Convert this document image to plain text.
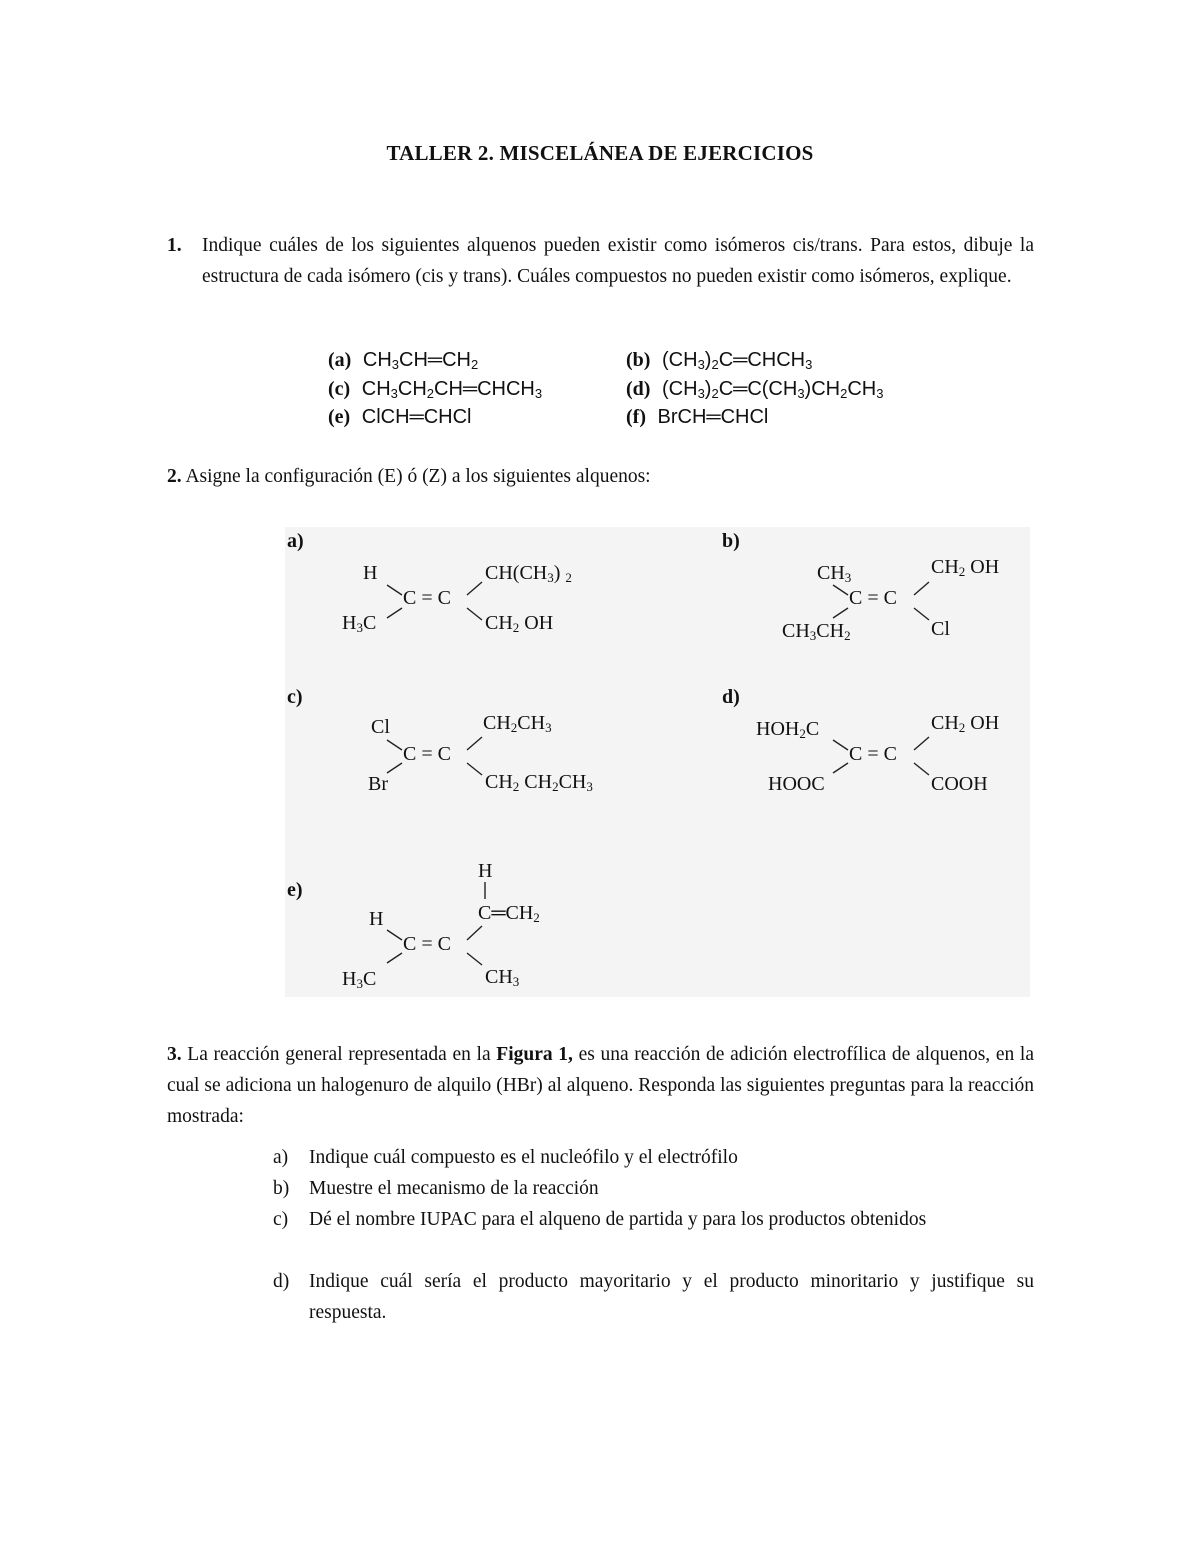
TALLER 2. MISCELÁNEA DE EJERCICIOS
1. Indique cuáles de los siguientes alquenos pueden existir como isómeros cis/trans. Para estos, dibuje la estructura de cada isómero (cis y trans). Cuáles compuestos no pueden existir como isómeros, explique.
(a) $CH_3CH═CH_2$	(b) $(CH_3)_2C═CHCH_3$
(c) $CH_3CH_2CH═CHCH_3$	(d) $(CH_3)_2C═C(CH_3)CH_2CH_3$
(e) ClCH═CHCl	(f) BrCH═CHCl
2. Asigne la configuración (E) ó (Z) a los siguientes alquenos:
a)
H
$H_3C$
C = C
$CH(CH_3)$ $_2$
$CH_2$ OH
b)
$CH_3$
$CH_3CH_2$
C = C
$CH_2$ OH
Cl
c)
Cl
Br
C = C
$CH_2CH_3$
$CH_2$ $CH_2CH_3$
d)
$HOH_2C$
HOOC
C = C
$CH_2$ OH
COOH
e)
H
$H_3C$
C = C
H
$C═CH_2$
$CH_3$
3. La reacción general representada en la Figura 1, es una reacción de adición electrofílica de alquenos, en la cual se adiciona un halogenuro de alquilo (HBr) al alqueno. Responda las siguientes preguntas para la reacción mostrada:
a) Indique cuál compuesto es el nucleófilo y el electrófilo
b) Muestre el mecanismo de la reacción
c) Dé el nombre IUPAC para el alqueno de partida y para los productos obtenidos
d) Indique cuál sería el producto mayoritario y el producto minoritario y justifique su respuesta.
